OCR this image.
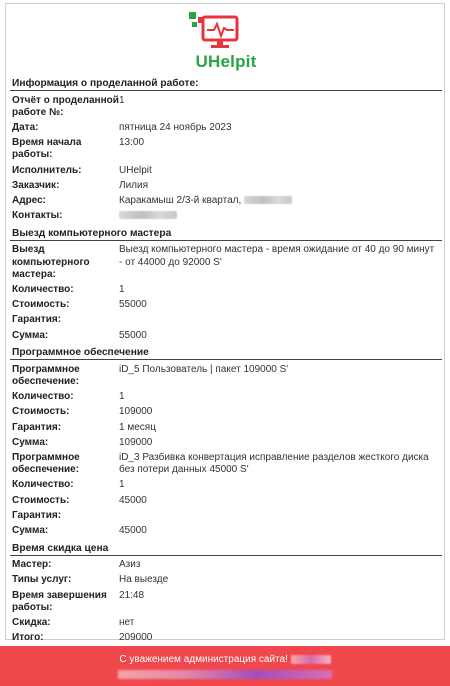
UHelpit
Информация о проделанной работе:
Отчёт о проделанной работе №:
1
Дата:	пятница 24 ноябрь 2023
Время начала работы:
13:00
Исполнитель:	UHelpit
Заказчик:	Лилия
Адрес:	Каракамыш 2/3-й квартал,
Контакты:
Выезд компьютерного мастера
Выезд компьютерного мастера:
Выезд компьютерного мастера - время ожидание от 40 до 90 минут - от 44000 до 92000 S'
Количество:	1
Стоимость:	55000
Гарантия:
Сумма:	55000
Программное обеспечение
Программное обеспечение:
iD_5 Пользователь | пакет 109000 S'
Количество:	1
Стоимость:	109000
Гарантия:	1 месяц
Сумма:	109000
Программное обеспечение:
iD_3 Разбивка конвертация исправление разделов жесткого диска без потери данных 45000 S'
Количество:	1
Стоимость:	45000
Гарантия:
Сумма:	45000
Время скидка цена
Мастер:	Азиз
Типы услуг:	На выезде
Время завершения работы:
21:48
Скидка:	нет
Итого:	209000
С уважением администрация сайта!
